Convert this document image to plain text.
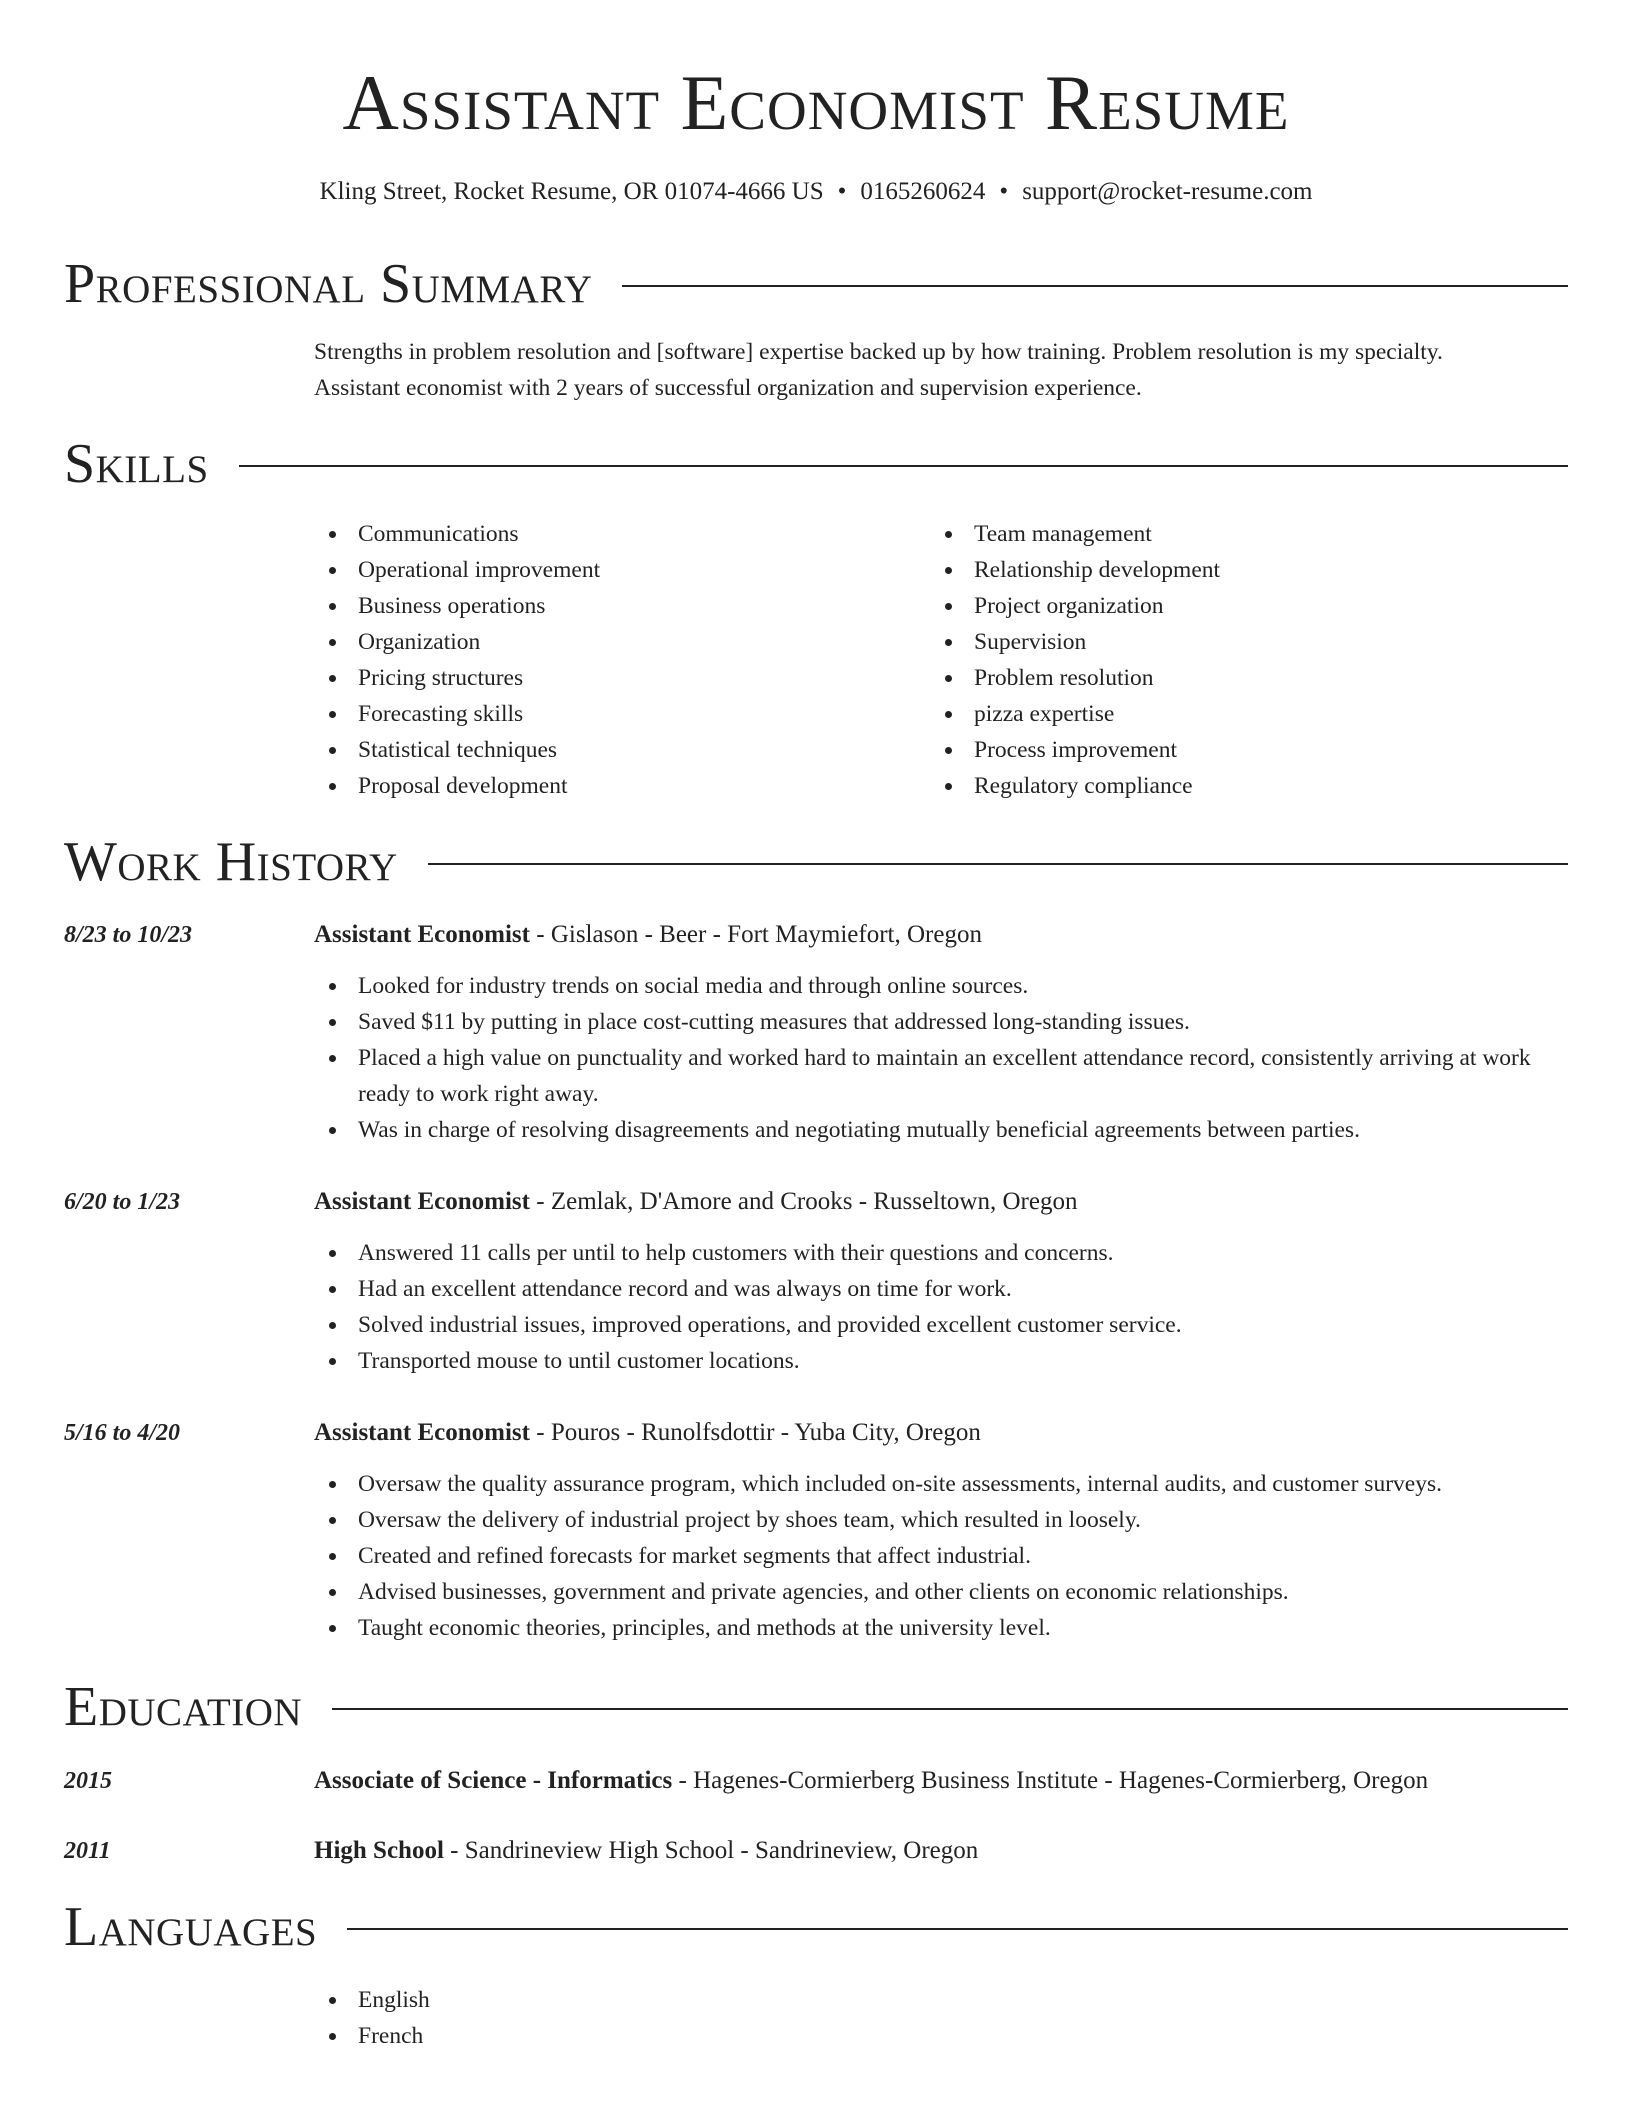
Assistant Economist Resume
Kling Street, Rocket Resume, OR 01074-4666 US • 0165260624 • support@rocket-resume.com
Professional Summary

Strengths in problem resolution and [software] expertise backed up by how training. Problem resolution is my specialty.

Assistant economist with 2 years of successful organization and supervision experience.

Skills
Communications
Operational improvement
Business operations
Organization
Pricing structures
Forecasting skills
Statistical techniques
Proposal development
Team management
Relationship development
Project organization
Supervision
Problem resolution
pizza expertise
Process improvement
Regulatory compliance
Work History
8/23 to 10/23	Assistant Economist - Gislason - Beer - Fort Maymiefort, Oregon
Looked for industry trends on social media and through online sources.
Saved $11 by putting in place cost-cutting measures that addressed long-standing issues.
Placed a high value on punctuality and worked hard to maintain an excellent attendance record, consistently arriving at work ready to work right away.
Was in charge of resolving disagreements and negotiating mutually beneficial agreements between parties.
6/20 to 1/23	Assistant Economist - Zemlak, D'Amore and Crooks - Russeltown, Oregon
Answered 11 calls per until to help customers with their questions and concerns.
Had an excellent attendance record and was always on time for work.
Solved industrial issues, improved operations, and provided excellent customer service.
Transported mouse to until customer locations.
5/16 to 4/20	Assistant Economist - Pouros - Runolfsdottir - Yuba City, Oregon
Oversaw the quality assurance program, which included on-site assessments, internal audits, and customer surveys.
Oversaw the delivery of industrial project by shoes team, which resulted in loosely.
Created and refined forecasts for market segments that affect industrial.
Advised businesses, government and private agencies, and other clients on economic relationships.
Taught economic theories, principles, and methods at the university level.
Education
2015	Associate of Science - Informatics - Hagenes-Cormierberg Business Institute - Hagenes-Cormierberg, Oregon
2011	High School - Sandrineview High School - Sandrineview, Oregon
Languages
English
French
